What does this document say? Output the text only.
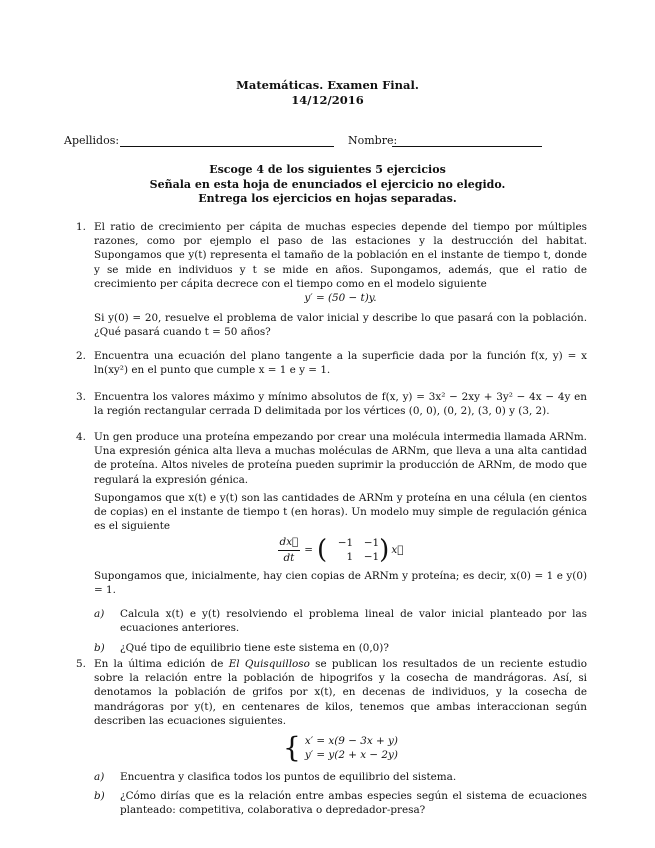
Matemáticas. Examen Final.
14/12/2016
Apellidos:	Nombre:
Escoge 4 de los siguientes 5 ejercicios
Señala en esta hoja de enunciados el ejercicio no elegido.
Entrega los ejercicios en hojas separadas.
1. El ratio de crecimiento per cápita de muchas especies depende del tiempo por múltiples razones, como por ejemplo el paso de las estaciones y la destrucción del habitat. Supongamos que y(t) representa el tamaño de la población en el instante de tiempo t, donde y se mide en individuos y t se mide en años. Supongamos, además, que el ratio de crecimiento per cápita decrece con el tiempo como en el modelo siguiente

y′ = (50 − t)y.

Si y(0) = 20, resuelve el problema de valor inicial y describe lo que pasará con la población. ¿Qué pasará cuando t = 50 años?

2. Encuentra una ecuación del plano tangente a la superficie dada por la función f(x, y) = x ln(xy²) en el punto que cumple x = 1 e y = 1.

3. Encuentra los valores máximo y mínimo absolutos de f(x, y) = 3x² − 2xy + 3y² − 4x − 4y en la región rectangular cerrada D delimitada por los vértices (0, 0), (0, 2), (3, 0) y (3, 2).

4. Un gen produce una proteína empezando por crear una molécula intermedia llamada ARNm. Una expresión génica alta lleva a muchas moléculas de ARNm, que lleva a una alta cantidad de proteína. Altos niveles de proteína pueden suprimir la producción de ARNm, de modo que regulará la expresión génica.

Supongamos que x(t) e y(t) son las cantidades de ARNm y proteína en una célula (en cientos de copias) en el instante de tiempo t (en horas). Un modelo muy simple de regulación génica es el siguiente

$\frac{dx⃗}{dt}$ = (	−1	−1
1	−1 ) x⃗

Supongamos que, inicialmente, hay cien copias de ARNm y proteína; es decir, x(0) = 1 e y(0) = 1.

a) Calcula x(t) e y(t) resolviendo el problema lineal de valor inicial planteado por las ecuaciones anteriores.
b) ¿Qué tipo de equilibrio tiene este sistema en (0,0)?
5. En la última edición de El Quisquilloso se publican los resultados de un reciente estudio sobre la relación entre la población de hipogrifos y la cosecha de mandrágoras. Así, si denotamos la población de grifos por x(t), en decenas de individuos, y la cosecha de mandrágoras por y(t), en centenares de kilos, tenemos que ambas interaccionan según describen las ecuaciones siguientes.

{ x′ = x(9 − 3x + y)
y′ = y(2 + x − 2y)
a) Encuentra y clasifica todos los puntos de equilibrio del sistema.
b) ¿Cómo dirías que es la relación entre ambas especies según el sistema de ecuaciones planteado: competitiva, colaborativa o depredador-presa?
